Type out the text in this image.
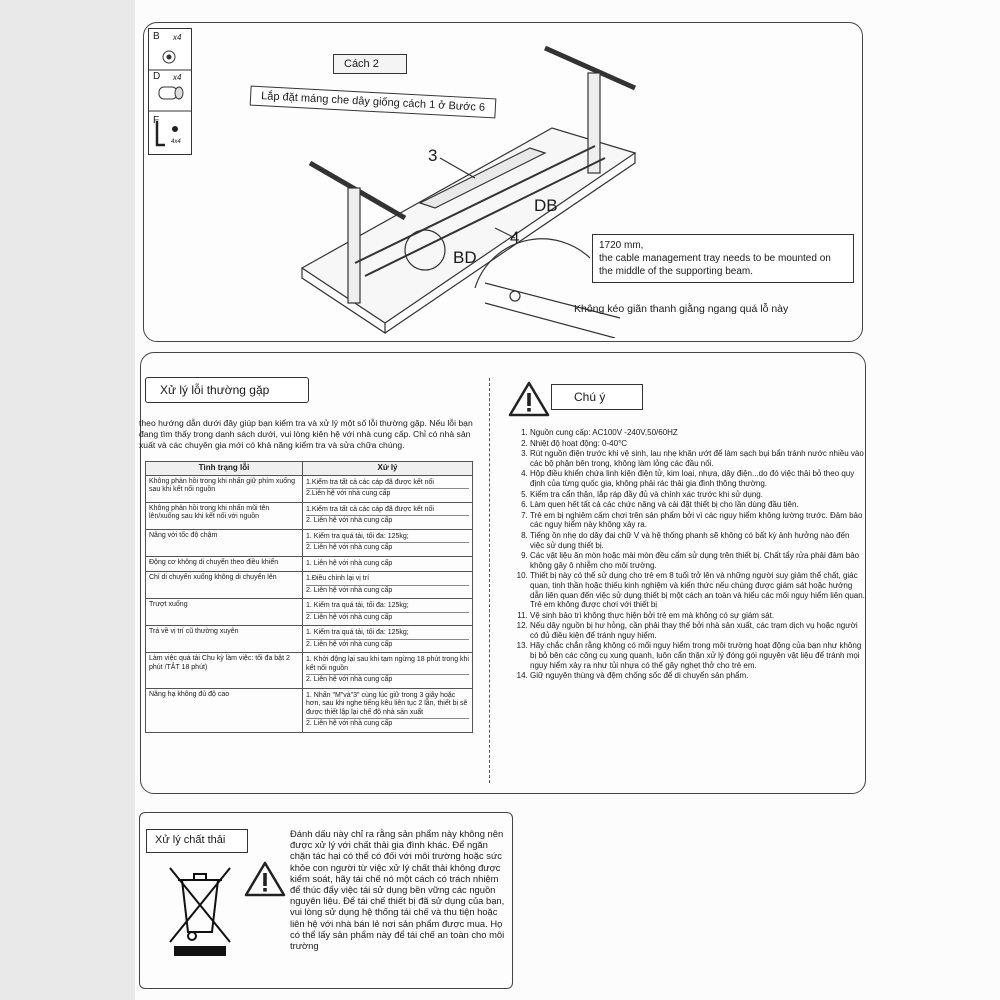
B x4
D x4
F
4x4
Cách 2
Lắp đặt máng che dây giống cách 1 ở Bước 6
3
4
DB
BD
1720 mm,
the cable management tray needs to be mounted on
the middle of the supporting beam.
Không kéo giãn thanh giằng ngang quá lỗ này
Xử lý lỗi thường gặp
theo hướng dẫn dưới đây giúp bạn kiểm tra và xử lý một số lỗi thường gặp. Nếu lỗi bạn đang tìm thấy trong danh sách dưới, vui lòng kiên hệ với nhà cung cấp. Chỉ có nhà sản xuất và các chuyên gia mới có khả năng kiểm tra và sửa chữa chúng.
Tình trạng lỗi	Xử lý
Không phản hồi trong khi nhấn giữ phím xuống sau khi kết nối nguồn	1.Kiểm tra tất cả các cáp đã được kết nối
2.Liên hệ với nhà cung cấp

Không phản hồi trong khi nhấn mũi tên lên/xuống sau khi kết nối với nguồn	1.Kiểm tra tất cả các cáp đã được kết nối
2. Liên hệ với nhà cung cấp

Nâng với tốc độ chậm	1. Kiểm tra quá tải, tối đa: 125kg;
2. Liên hệ với nhà cung cấp

Động cơ không di chuyển theo điều khiển	1. Liên hệ với nhà cung cấp

Chỉ di chuyển xuống không di chuyển lên	1.Điều chỉnh lại vị trí
2. Liên hệ với nhà cung cấp

Trượt xuống	1. Kiểm tra quá tải, tối đa: 125kg;
2. Liên hệ với nhà cung cấp

Trả về vị trí cũ thường xuyên	1. Kiểm tra quá tải, tối đa: 125kg;
2. Liên hệ với nhà cung cấp

Làm việc quá tải Chu kỳ làm việc: tối đa bật 2 phút /TẮT 18 phút)	1. Khởi động lại sau khi tạm ngừng 18 phút trong khi kết nối nguồn
2. Liên hệ với nhà cung cấp

Nâng hạ không đủ độ cao	1. Nhấn "M"và"3" cùng lúc giữ trong 3 giây hoặc hơn, sau khi nghe tiếng kêu liên tục 2 lần, thiết bị sẽ được thiết lập lại chế độ nhà sản xuất
2. Liên hệ với nhà cung cấp
Chú ý
1. Nguồn cung cấp: AC100V -240V,50/60HZ
2. Nhiệt độ hoạt động: 0-40°C
3. Rút nguồn điện trước khi vệ sinh, lau nhẹ khăn ướt để làm sạch bụi bẩn tránh nước nhiều vào các bộ phận bên trong, không làm lỏng các đầu nối.
4. Hộp điều khiển chứa linh kiện điện tử, kim loại, nhựa, dây điện...do đó việc thải bỏ theo quy định của từng quốc gia, không phải rác thải gia đình thông thường.
5. Kiểm tra cẩn thận, lắp ráp đầy đủ và chính xác trước khi sử dụng.
6. Làm quen hết tất cả các chức năng và cài đặt thiết bị cho lần dùng đầu tiên.
7. Trẻ em bị nghiêm cấm chơi trên sản phẩm bởi vì các nguy hiểm không lường trước. Đảm bảo các nguy hiểm này không xảy ra.
8. Tiếng ồn nhẹ do dây đai chữ V và hệ thống phanh sẽ không có bất kỳ ảnh hưởng nào đến việc sử dụng thiết bị.
9. Các vật liệu ăn mòn hoặc mài mòn đều cấm sử dụng trên thiết bị. Chất tẩy rửa phải đảm bảo không gây ô nhiễm cho môi trường.
10. Thiết bị này có thể sử dụng cho trẻ em 8 tuổi trở lên và những người suy giảm thể chất, giác quan, tinh thần hoặc thiếu kinh nghiệm và kiến thức nếu chúng được giám sát hoặc hướng dẫn liên quan đến việc sử dụng thiết bị một cách an toàn và hiểu các mối nguy hiểm liên quan. Trẻ em không được chơi với thiết bị
11. Vệ sinh bảo trì không thực hiện bởi trẻ em mà không có sự giám sát.
12. Nếu dây nguồn bị hư hỏng, cần phải thay thế bởi nhà sản xuất, các trạm dịch vụ hoặc người có đủ điều kiện để tránh nguy hiểm.
13. Hãy chắc chắn rằng không có mối nguy hiểm trong môi trường hoạt động của bạn như không bị bỏ bên các công cụ xung quanh, luôn cẩn thận xử lý đóng gói nguyên vật liệu để tránh mọi nguy hiểm xảy ra như tủi nhựa có thể gây nghẹt thở cho trẻ em.
14. Giữ nguyên thùng và đệm chống sốc để di chuyển sản phẩm.
Xử lý chất thải
Đánh dấu này chỉ ra rằng sản phẩm này không nên được xử lý với chất thải gia đình khác. Để ngăn chặn tác hại có thể có đối với môi trường hoặc sức khỏe con người từ việc xử lý chất thải không được kiểm soát, hãy tái chế nó một cách có trách nhiệm để thúc đẩy việc tái sử dụng bền vững các nguồn nguyên liệu. Để tái chế thiết bị đã sử dụng của bạn, vui lòng sử dụng hệ thống tái chế và thu tiện hoặc liên hệ với nhà bán lẻ nơi sản phẩm được mua. Họ có thể lấy sản phẩm này để tái chế an toàn cho môi trường
